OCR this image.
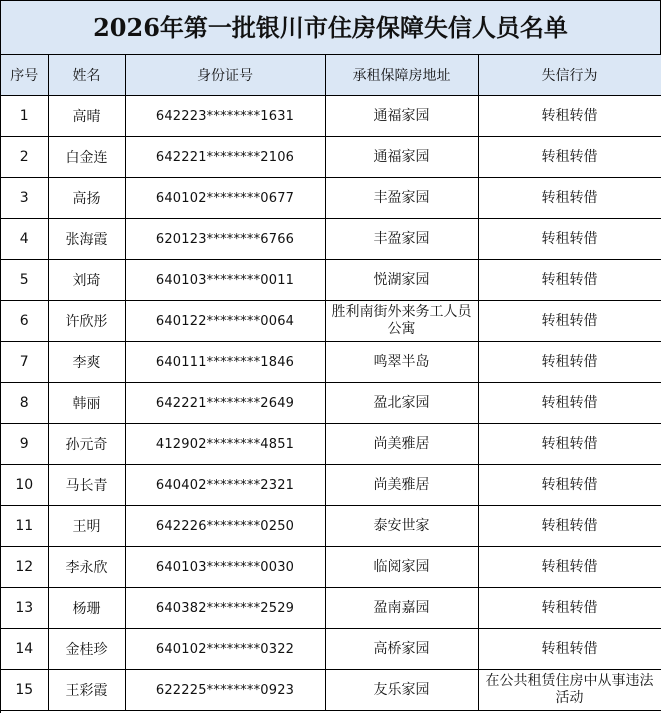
2026年第一批银川市住房保障失信人员名单
序号	姓名	身份证号	承租保障房地址	失信行为
1	高晴	642223********1631	通福家园	转租转借
2	白金连	642221********2106	通福家园	转租转借
3	高扬	640102********0677	丰盈家园	转租转借
4	张海霞	620123********6766	丰盈家园	转租转借
5	刘琦	640103********0011	悦湖家园	转租转借
6	许欣彤	640122********0064	胜利南街外来务工人员公寓	转租转借
7	李爽	640111********1846	鸣翠半岛	转租转借
8	韩丽	642221********2649	盈北家园	转租转借
9	孙元奇	412902********4851	尚美雅居	转租转借
10	马长青	640402********2321	尚美雅居	转租转借
11	王明	642226********0250	泰安世家	转租转借
12	李永欣	640103********0030	临阅家园	转租转借
13	杨珊	640382********2529	盈南嘉园	转租转借
14	金桂珍	640102********0322	高桥家园	转租转借
15	王彩霞	622225********0923	友乐家园	在公共租赁住房中从事违法活动
